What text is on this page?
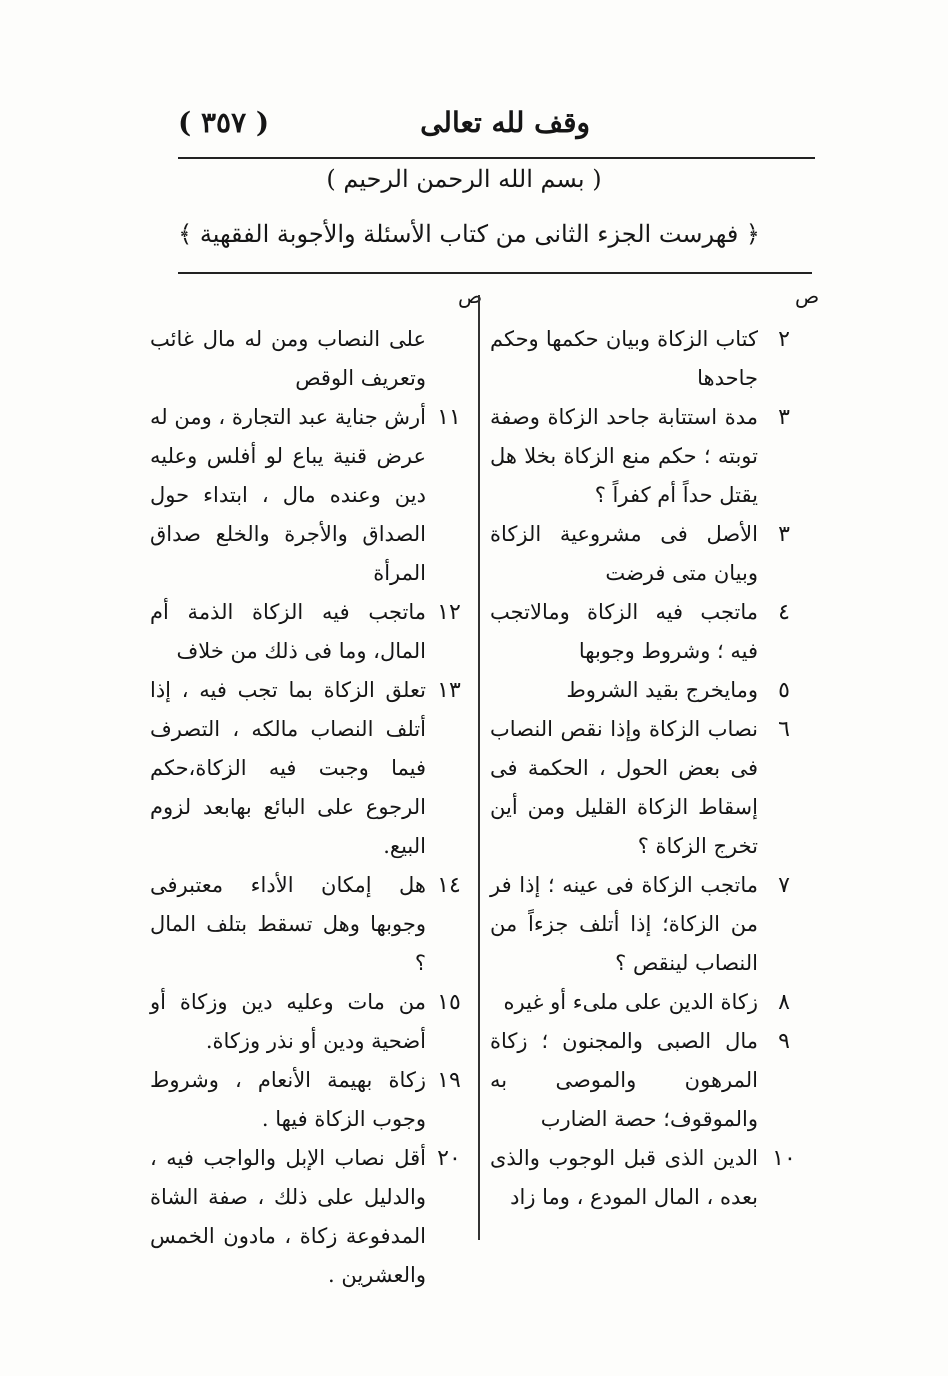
وقف لله تعالى
( ٣٥٧ )
( بسم الله الرحمن الرحيم )
﴿ فهرست الجزء الثانى من كتاب الأسئلة والأجوبة الفقهية ﴾
ص
ص
٢
كتاب الزكاة وبيان حكمها وحكم جاحدها
٣
مدة استتابة جاحد الزكاة وصفة توبته ؛ حكم منع الزكاة بخلا هل يقتل حداً أم كفراً ؟
٣
الأصل فى مشروعية الزكاة وبيان متى فرضت
٤
ماتجب فيه الزكاة ومالاتجب فيه ؛ وشروط وجوبها
٥
ومايخرج بقيد الشروط
٦
نصاب الزكاة وإذا نقص النصاب فى بعض الحول ، الحكمة فى إسقاط الزكاة القليل ومن أين تخرج الزكاة ؟
٧
ماتجب الزكاة فى عينه ؛ إذا فر من الزكاة؛ إذا أتلف جزءاً من النصاب لينقص ؟
٨
زكاة الدين على ملىء أو غيره
٩
مال الصبى والمجنون ؛ زكاة المرهون والموصى به والموقوف؛ حصة الضارب
١٠
الدين الذى قبل الوجوب والذى بعده ، المال المودع ، وما زاد
على النصاب ومن له مال غائب وتعريف الوقص
١١
أرش جناية عبد التجارة ، ومن له عرض قنية يباع لو أفلس وعليه دين وعنده مال ، ابتداء حول الصداق والأجرة والخلع صداق المرأة
١٢
ماتجب فيه الزكاة الذمة أم المال، وما فى ذلك من خلاف
١٣
تعلق الزكاة بما تجب فيه ، إذا أتلف النصاب مالكه ، التصرف فيما وجبت فيه الزكاة،حكم الرجوع على البائع بهابعد لزوم البيع.
١٤
هل إمكان الأداء معتبرفى وجوبها وهل تسقط بتلف المال ؟
١٥
من مات وعليه دين وزكاة أو أضحية ودين أو نذر وزكاة.
١٩
زكاة بهيمة الأنعام ، وشروط وجوب الزكاة فيها .
٢٠
أقل نصاب الإبل والواجب فيه ، والدليل على ذلك ، صفة الشاة المدفوعة زكاة ، مادون الخمس والعشرين .
